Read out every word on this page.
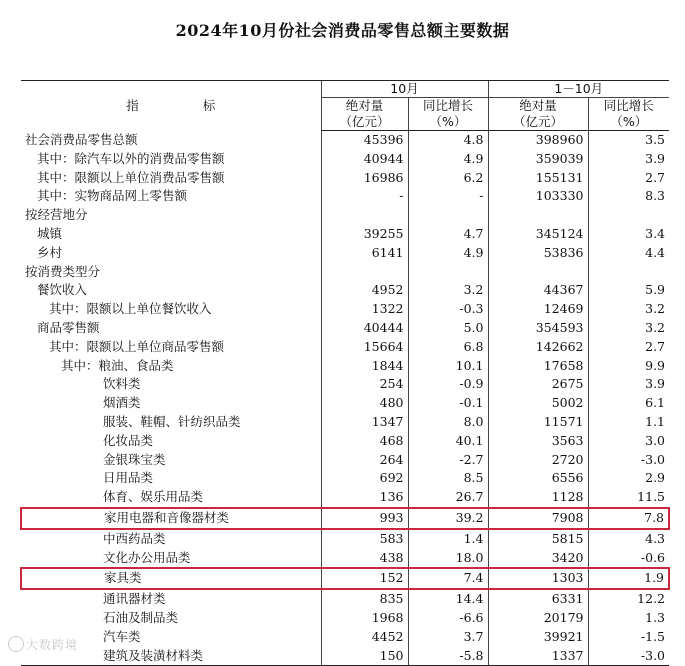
2024年10月份社会消费品零售总额主要数据
指 标	10月		1－10月	
	绝对量	同比增长	绝对量	同比增长
	（亿元）	（%）	（亿元）	（%）
社会消费品零售总额	45396	4.8	398960	3.5
其中：除汽车以外的消费品零售额	40944	4.9	359039	3.9
其中：限额以上单位消费品零售额	16986	6.2	155131	2.7
其中：实物商品网上零售额	-	-	103330	8.3
按经营地分				
城镇	39255	4.7	345124	3.4
乡村	6141	4.9	53836	4.4
按消费类型分				
餐饮收入	4952	3.2	44367	5.9
其中：限额以上单位餐饮收入	1322	-0.3	12469	3.2
商品零售额	40444	5.0	354593	3.2
其中：限额以上单位商品零售额	15664	6.8	142662	2.7
其中：粮油、食品类	1844	10.1	17658	9.9
饮料类	254	-0.9	2675	3.9
烟酒类	480	-0.1	5002	6.1
服装、鞋帽、针纺织品类	1347	8.0	11571	1.1
化妆品类	468	40.1	3563	3.0
金银珠宝类	264	-2.7	2720	-3.0
日用品类	692	8.5	6556	2.9
体育、娱乐用品类	136	26.7	1128	11.5
家用电器和音像器材类	993	39.2	7908	7.8
中西药品类	583	1.4	5815	4.3
文化办公用品类	438	18.0	3420	-0.6
家具类	152	7.4	1303	1.9
通讯器材类	835	14.4	6331	12.2
石油及制品类	1968	-6.6	20179	1.3
汽车类	4452	3.7	39921	-1.5
建筑及装潢材料类	150	-5.8	1337	-3.0
大数跨境
